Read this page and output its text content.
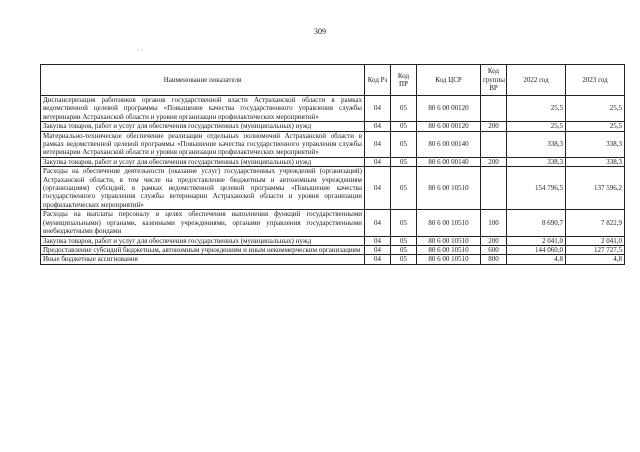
309
` `
Наименование показателя	Код Рз	Код ПР	Код ЦСР	Код группы ВР	2022 год	2023 год
Диспансеризация работников органов государственной власти Астраханской области в рамках ведомственной целевой программы «Повышение качества государственного управления службы ветеринарии Астраханской области и уровня организации профилактических мероприятий»	04	05	80 6 00 00120		25,5	25,5
Закупка товаров, работ и услуг для обеспечения государственных (муниципальных) нужд	04	05	80 6 00 00120	200	25,5	25,5
Материально-техническое обеспечение реализации отдельных полномочий Астраханской области в рамках ведомственной целевой программы «Повышение качества государственного управления службы ветеринарии Астраханской области и уровня организации профилактических мероприятий»	04	05	80 6 00 00140		338,3	338,3
Закупка товаров, работ и услуг для обеспечения государственных (муниципальных) нужд	04	05	80 6 00 00140	200	338,3	338,3
Расходы на обеспечение деятельности (оказание услуг) государственных учреждений (организаций) Астраханской области, в том числе на предоставление бюджетным и автономным учреждениям (организациям) субсидий, в рамках ведомственной целевой программы «Повышение качества государственного управления службы ветеринарии Астраханской области и уровня организации профилактических мероприятий»	04	05	80 6 00 10510		154 796,5	137 596,2
Расходы на выплаты персоналу в целях обеспечения выполнения функций государственными (муниципальными) органами, казенными учреждениями, органами управления государственными внебюджетными фондами	04	05	80 6 00 10510	100	8 690,7	7 822,9
Закупка товаров, работ и услуг для обеспечения государственных (муниципальных) нужд	04	05	80 6 00 10510	200	2 041,0	2 041,0
Предоставление субсидий бюджетным, автономным учреждениям и иным некоммерческим организациям	04	05	80 6 00 10510	600	144 060,0	127 727,5
Иные бюджетные ассигнования	04	05	80 6 00 10510	800	4,8	4,8
